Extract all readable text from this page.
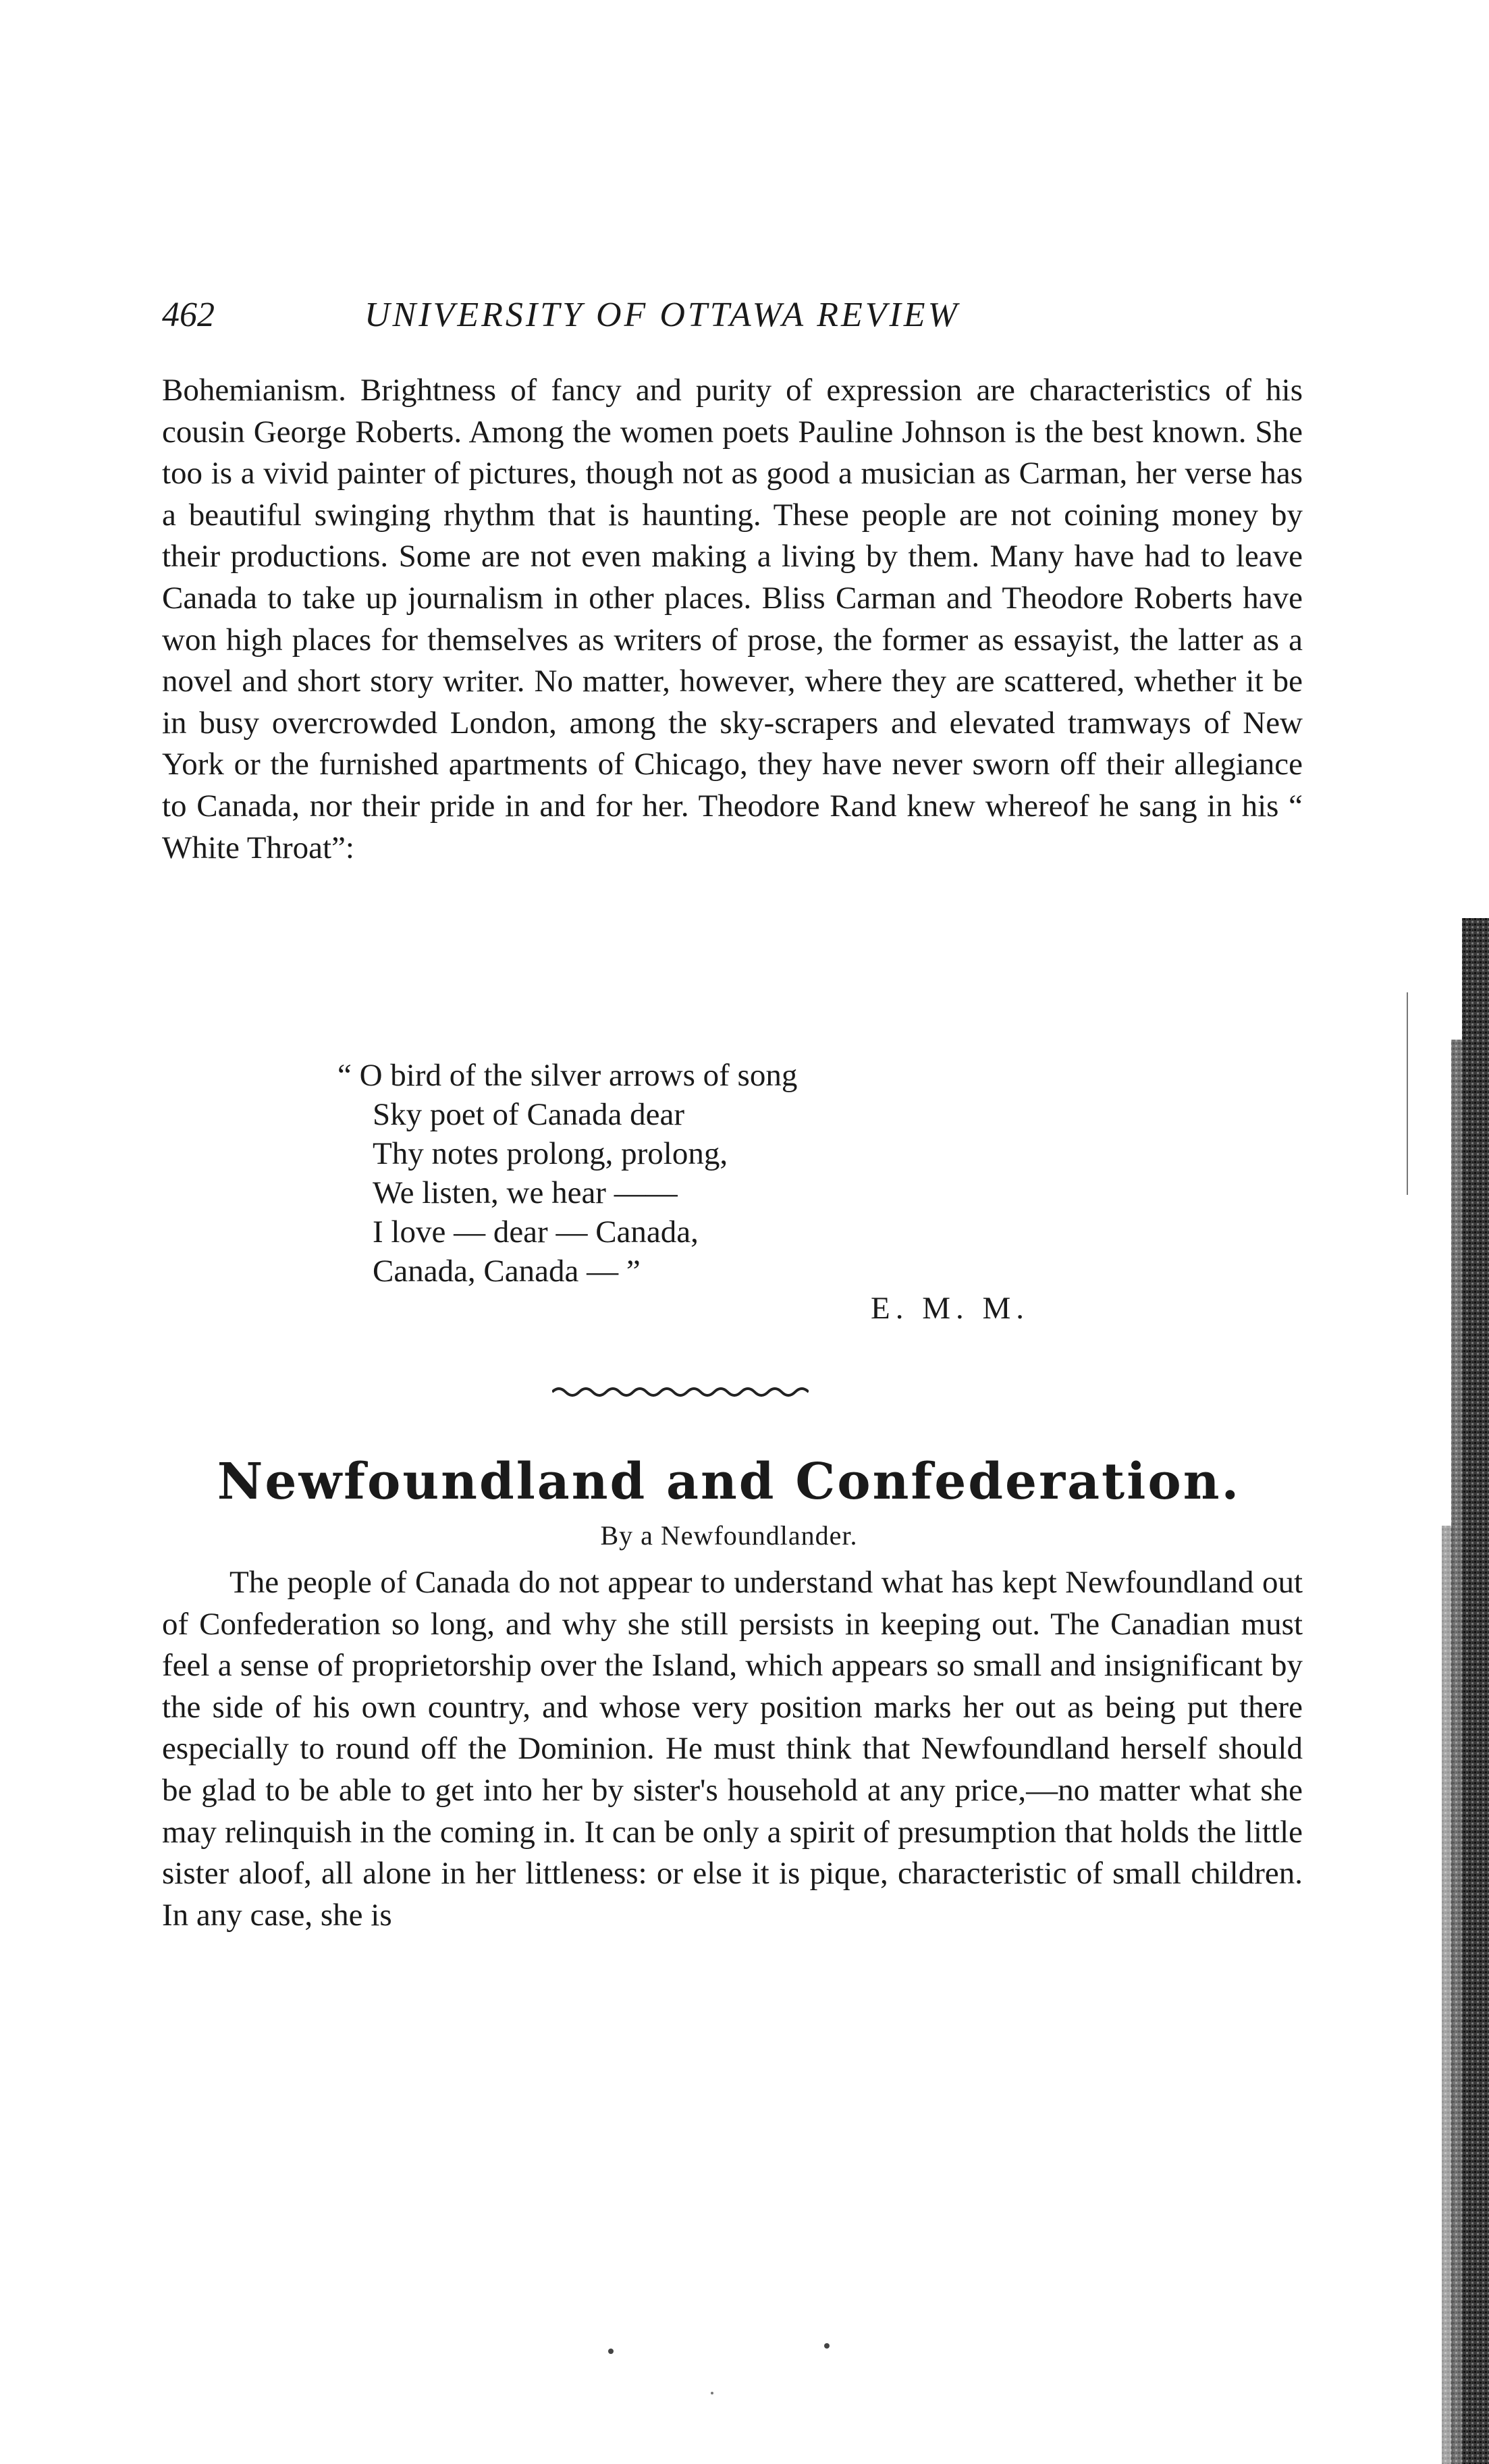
462	UNIVERSITY OF OTTAWA REVIEW

Bohemianism. Brightness of fancy and purity of expression are characteristics of his cousin George Roberts. Among the women poets Pauline Johnson is the best known. She too is a vivid painter of pictures, though not as good a musician as Carman, her verse has a beautiful swinging rhythm that is haunting. These people are not coining money by their productions. Some are not even making a living by them. Many have had to leave Canada to take up journalism in other places. Bliss Carman and Theodore Roberts have won high places for themselves as writers of prose, the former as essayist, the latter as a novel and short story writer. No matter, however, where they are scattered, whether it be in busy overcrowded London, among the sky-scrapers and elevated tramways of New York or the furnished apartments of Chicago, they have never sworn off their allegiance to Canada, nor their pride in and for her. Theodore Rand knew whereof he sang in his “ White Throat”:

“ O bird of the silver arrows of song
Sky poet of Canada dear
Thy notes prolong, prolong,
We listen, we hear ——
I love — dear — Canada,
Canada, Canada — ”
E. M. M.
Newfoundland and Confederation.
By a Newfoundlander.

The people of Canada do not appear to understand what has kept Newfoundland out of Confederation so long, and why she still persists in keeping out. The Canadian must feel a sense of proprietorship over the Island, which appears so small and insignificant by the side of his own country, and whose very position marks her out as being put there especially to round off the Dominion. He must think that Newfoundland herself should be glad to be able to get into her by sister's household at any price,—no matter what she may relinquish in the coming in. It can be only a spirit of presumption that holds the little sister aloof, all alone in her littleness: or else it is pique, characteristic of small children. In any case, she is
